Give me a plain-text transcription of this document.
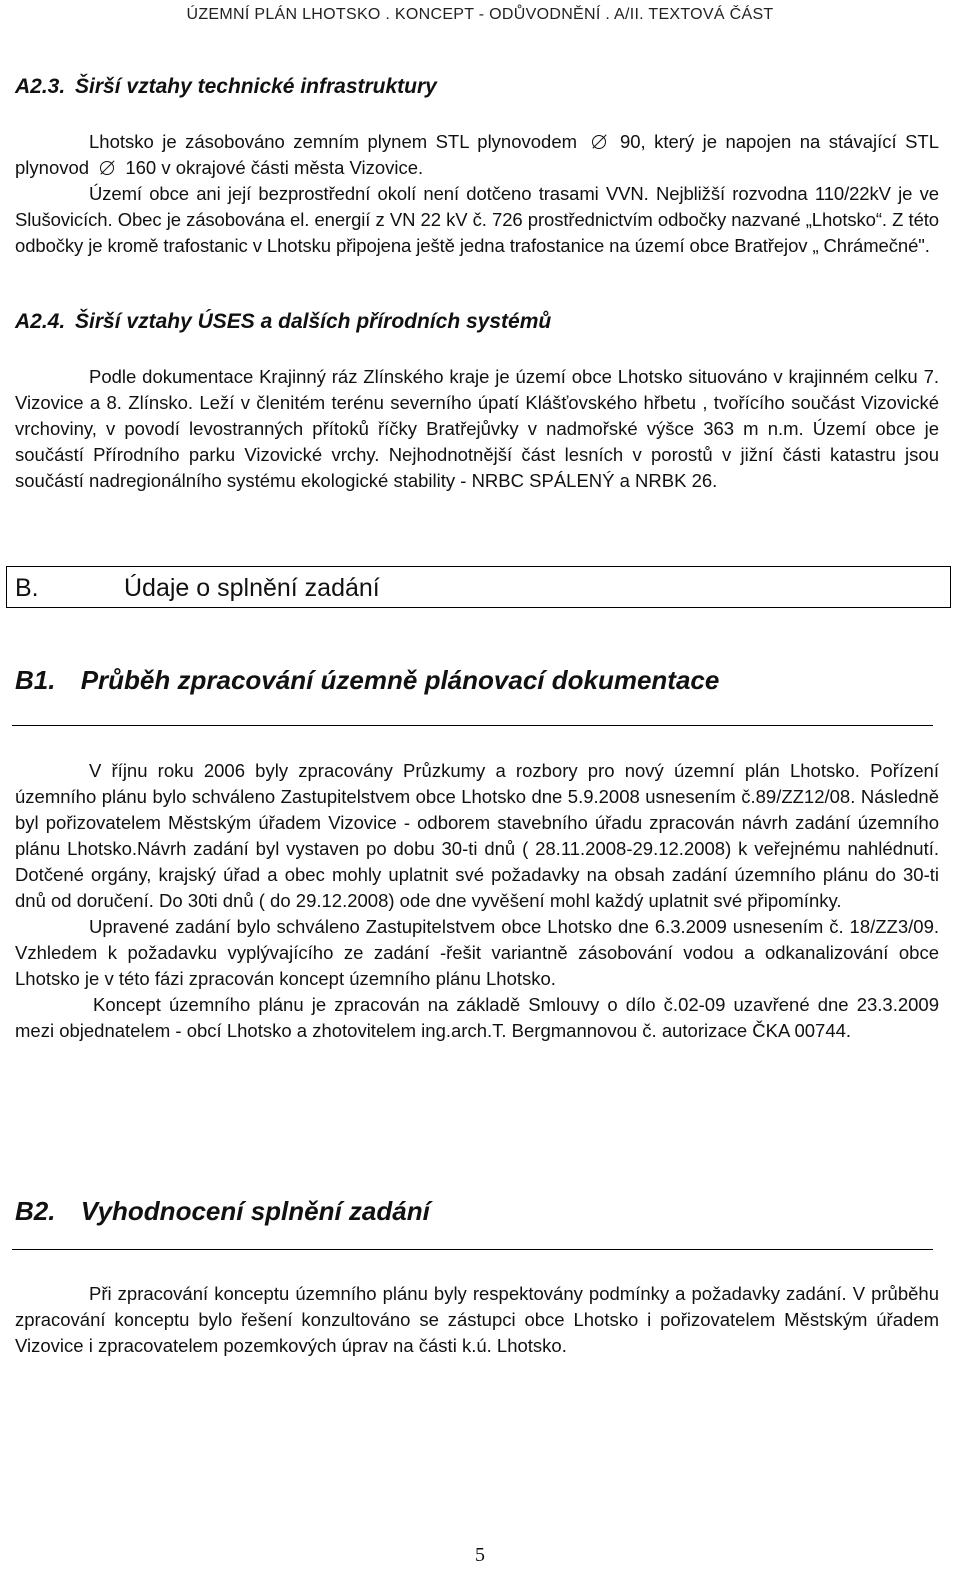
ÚZEMNÍ PLÁN LHOTSKO . KONCEPT - ODŮVODNĚNÍ . A/II. TEXTOVÁ ČÁST
A2.3. Širší vztahy technické infrastruktury

Lhotsko je zásobováno zemním plynem STL plynovodem 90, který je napojen na stávající STL plynovod 160 v okrajové části města Vizovice.

Území obce ani její bezprostřední okolí není dotčeno trasami VVN. Nejbližší rozvodna 110/22kV je ve Slušovicích. Obec je zásobována el. energií z VN 22 kV č. 726 prostřednictvím odbočky nazvané „Lhotsko“. Z této odbočky je kromě trafostanic v Lhotsku připojena ještě jedna trafostanice na území obce Bratřejov „ Chrámečné".

A2.4. Širší vztahy ÚSES a dalších přírodních systémů

Podle dokumentace Krajinný ráz Zlínského kraje je území obce Lhotsko situováno v krajinném celku 7. Vizovice a 8. Zlínsko. Leží v členitém terénu severního úpatí Klášťovského hřbetu , tvořícího součást Vizovické vrchoviny, v povodí levostranných přítoků říčky Bratřejůvky v nadmořské výšce 363 m n.m. Území obce je součástí Přírodního parku Vizovické vrchy. Nejhodnotnější část lesních v porostů v jižní části katastru jsou součástí nadregionálního systému ekologické stability - NRBC SPÁLENÝ a NRBK 26.

B.	Údaje o splnění zadání
B1. Průběh zpracování územně plánovací dokumentace

V říjnu roku 2006 byly zpracovány Průzkumy a rozbory pro nový územní plán Lhotsko. Pořízení územního plánu bylo schváleno Zastupitelstvem obce Lhotsko dne 5.9.2008 usnesením č.89/ZZ12/08. Následně byl pořizovatelem Městským úřadem Vizovice - odborem stavebního úřadu zpracován návrh zadání územního plánu Lhotsko.Návrh zadání byl vystaven po dobu 30-ti dnů ( 28.11.2008-29.12.2008) k veřejnému nahlédnutí. Dotčené orgány, krajský úřad a obec mohly uplatnit své požadavky na obsah zadání územního plánu do 30-ti dnů od doručení. Do 30ti dnů ( do 29.12.2008) ode dne vyvěšení mohl každý uplatnit své připomínky.

Upravené zadání bylo schváleno Zastupitelstvem obce Lhotsko dne 6.3.2009 usnesením č. 18/ZZ3/09. Vzhledem k požadavku vyplývajícího ze zadání -řešit variantně zásobování vodou a odkanalizování obce Lhotsko je v této fázi zpracován koncept územního plánu Lhotsko.

Koncept územního plánu je zpracován na základě Smlouvy o dílo č.02-09 uzavřené dne 23.3.2009 mezi objednatelem - obcí Lhotsko a zhotovitelem ing.arch.T. Bergmannovou č. autorizace ČKA 00744.

B2. Vyhodnocení splnění zadání

Při zpracování konceptu územního plánu byly respektovány podmínky a požadavky zadání. V průběhu zpracování konceptu bylo řešení konzultováno se zástupci obce Lhotsko i pořizovatelem Městským úřadem Vizovice i zpracovatelem pozemkových úprav na části k.ú. Lhotsko.

5
